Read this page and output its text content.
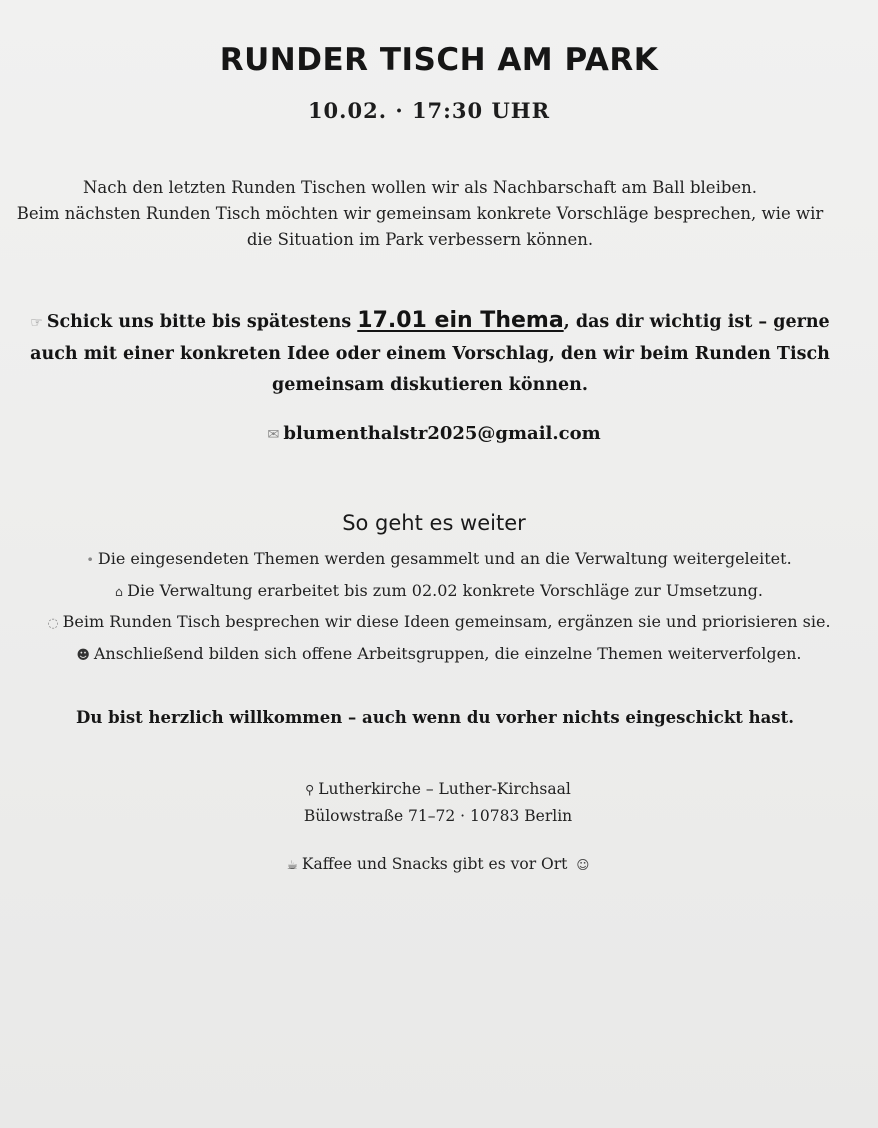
RUNDER TISCH AM PARK
10.02. · 17:30 UHR
Nach den letzten Runden Tischen wollen wir als Nachbarschaft am Ball bleiben.
Beim nächsten Runden Tisch möchten wir gemeinsam konkrete Vorschläge besprechen, wie wir
die Situation im Park verbessern können.
☞ Schick uns bitte bis spätestens 17.01 ein Thema, das dir wichtig ist – gerne
auch mit einer konkreten Idee oder einem Vorschlag, den wir beim Runden Tisch
gemeinsam diskutieren können.
✉ blumenthalstr2025@gmail.com
So geht es weiter
• Die eingesendeten Themen werden gesammelt und an die Verwaltung weitergeleitet.
⌂ Die Verwaltung erarbeitet bis zum 02.02 konkrete Vorschläge zur Umsetzung.
◌ Beim Runden Tisch besprechen wir diese Ideen gemeinsam, ergänzen sie und priorisieren sie.
☻ Anschließend bilden sich offene Arbeitsgruppen, die einzelne Themen weiterverfolgen.
Du bist herzlich willkommen – auch wenn du vorher nichts eingeschickt hast.
⚲ Lutherkirche – Luther-Kirchsaal
Bülowstraße 71–72 · 10783 Berlin
☕ Kaffee und Snacks gibt es vor Ort ☺
